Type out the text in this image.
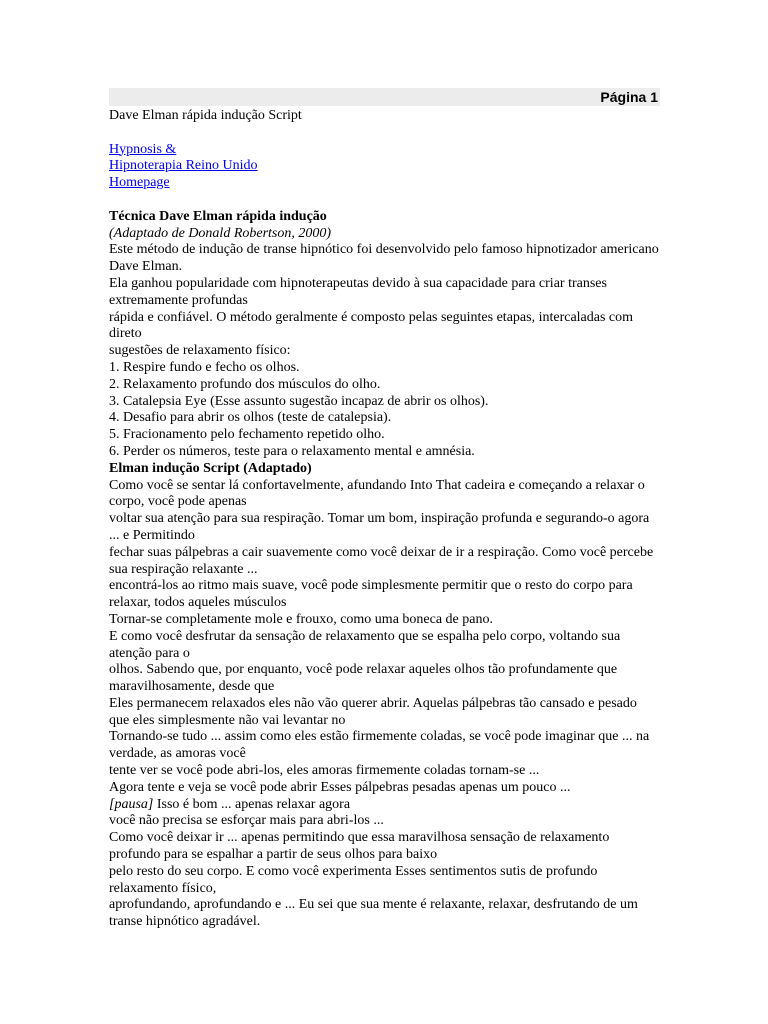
Página 1

Dave Elman rápida indução Script

Hypnosis &
Hipnoterapia Reino Unido
Homepage

Técnica Dave Elman rápida indução

(Adaptado de Donald Robertson, 2000)

Este método de indução de transe hipnótico foi desenvolvido pelo famoso hipnotizador americano Dave Elman.

Ela ganhou popularidade com hipnoterapeutas devido à sua capacidade para criar transes extremamente profundas

rápida e confiável. O método geralmente é composto pelas seguintes etapas, intercaladas com direto

sugestões de relaxamento físico:

1. Respire fundo e fecho os olhos.

2. Relaxamento profundo dos músculos do olho.

3. Catalepsia Eye (Esse assunto sugestão incapaz de abrir os olhos).

4. Desafio para abrir os olhos (teste de catalepsia).

5. Fracionamento pelo fechamento repetido olho.

6. Perder os números, teste para o relaxamento mental e amnésia.

Elman indução Script (Adaptado)

Como você se sentar lá confortavelmente, afundando Into That cadeira e começando a relaxar o corpo, você pode apenas

voltar sua atenção para sua respiração. Tomar um bom, inspiração profunda e segurando-o agora ... e Permitindo

fechar suas pálpebras a cair suavemente como você deixar de ir a respiração. Como você percebe sua respiração relaxante ...

encontrá-los ao ritmo mais suave, você pode simplesmente permitir que o resto do corpo para relaxar, todos aqueles músculos

Tornar-se completamente mole e frouxo, como uma boneca de pano.

E como você desfrutar da sensação de relaxamento que se espalha pelo corpo, voltando sua atenção para o

olhos. Sabendo que, por enquanto, você pode relaxar aqueles olhos tão profundamente que maravilhosamente, desde que

Eles permanecem relaxados eles não vão querer abrir. Aquelas pálpebras tão cansado e pesado que eles simplesmente não vai levantar no

Tornando-se tudo ... assim como eles estão firmemente coladas, se você pode imaginar que ... na verdade, as amoras você

tente ver se você pode abri-los, eles amoras firmemente coladas tornam-se ...

Agora tente e veja se você pode abrir Esses pálpebras pesadas apenas um pouco ...

[pausa] Isso é bom ... apenas relaxar agora

você não precisa se esforçar mais para abri-los ...

Como você deixar ir ... apenas permitindo que essa maravilhosa sensação de relaxamento profundo para se espalhar a partir de seus olhos para baixo

pelo resto do seu corpo. E como você experimenta Esses sentimentos sutis de profundo relaxamento físico,

aprofundando, aprofundando e ... Eu sei que sua mente é relaxante, relaxar, desfrutando de um transe hipnótico agradável.
